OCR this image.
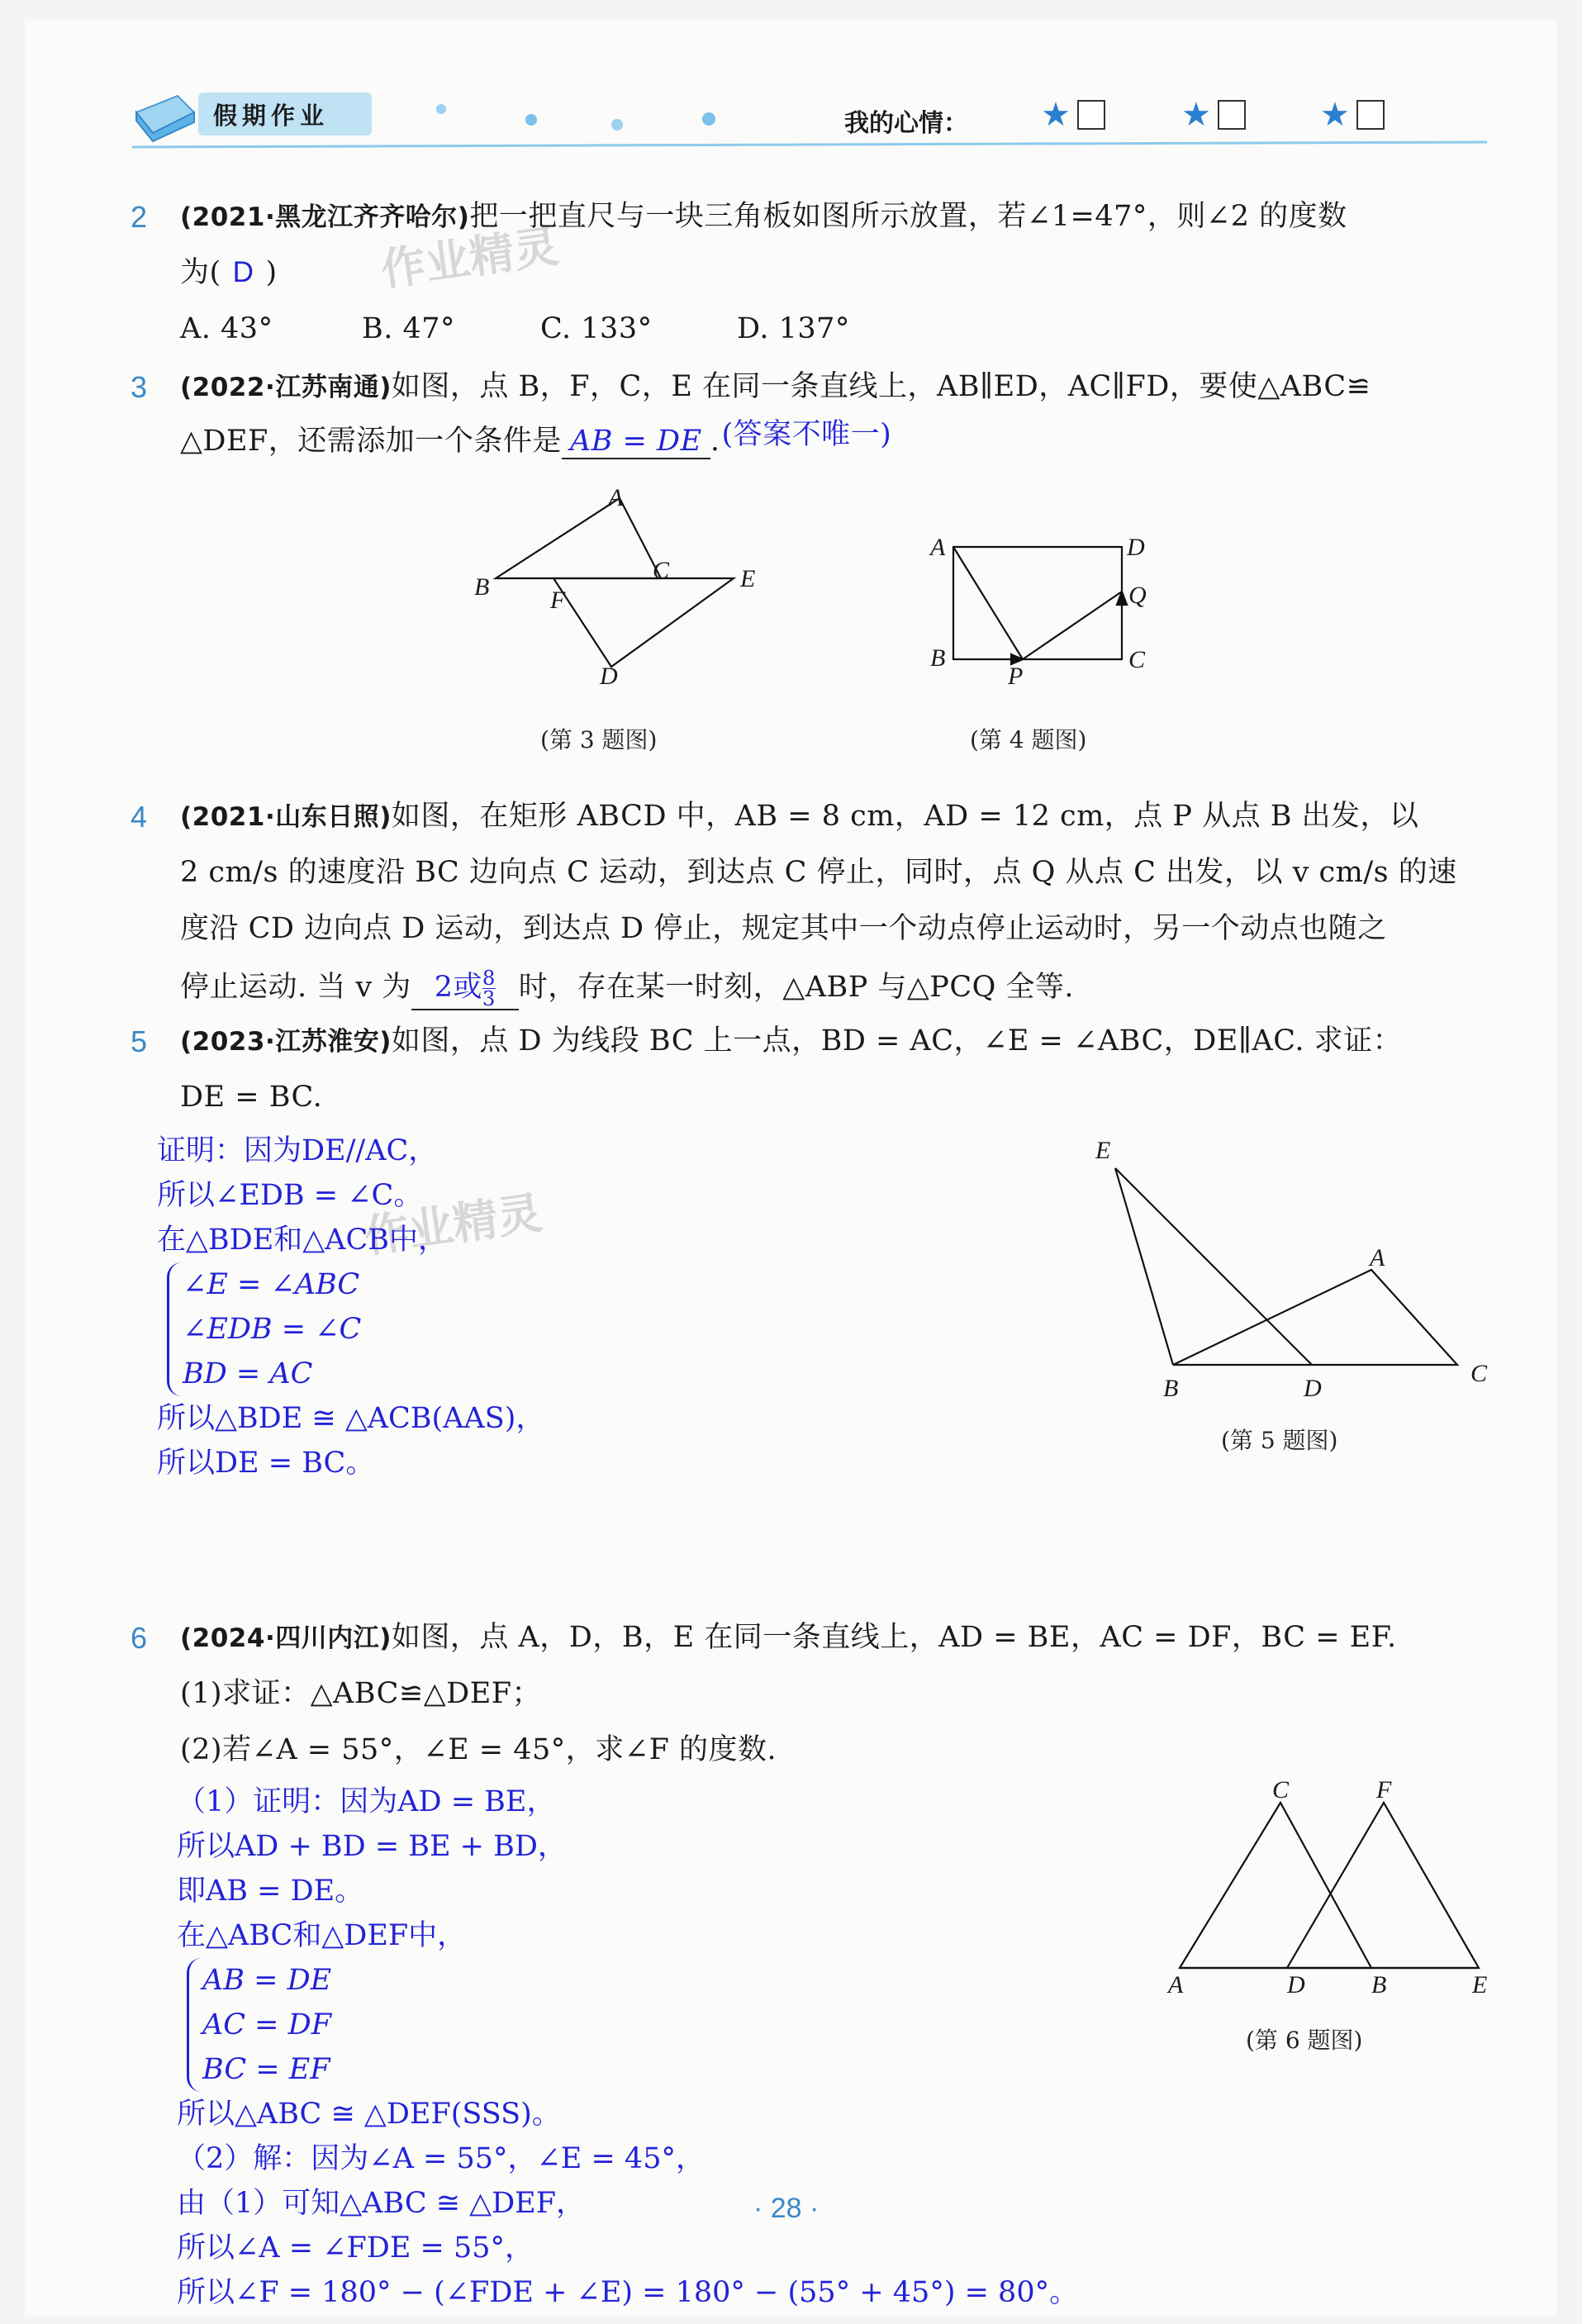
假期作业	我的心情： ★	★	★
作业精灵
作业精灵
2 (2021·黑龙江齐齐哈尔)把一把直尺与一块三角板如图所示放置，若∠1=47°，则∠2 的度数
为( D )
A. 43°	B. 47°	C. 133°	D. 137°
3 (2022·江苏南通)如图，点 B，F，C，E 在同一条直线上，AB∥ED，AC∥FD，要使△ABC≌
△DEF，还需添加一个条件是 AB = DE .(答案不唯一)
A
B
C
D
E
F
(第 3 题图)
A	D
Q
B
P
C
(第 4 题图)
4 (2021·山东日照)如图，在矩形 ABCD 中，AB = 8 cm，AD = 12 cm，点 P 从点 B 出发，以
2 cm/s 的速度沿 BC 边向点 C 运动，到达点 C 停止，同时，点 Q 从点 C 出发，以 v cm/s 的速
度沿 CD 边向点 D 运动，到达点 D 停止，规定其中一个动点停止运动时，另一个动点也随之
停止运动. 当 v 为 2或 $\frac{8}{3}$ 时，存在某一时刻，△ABP 与△PCQ 全等.
5 (2023·江苏淮安)如图，点 D 为线段 BC 上一点，BD = AC，∠E = ∠ABC，DE∥AC. 求证：
DE = BC.
证明：因为DE//AC，
所以∠EDB = ∠C。
在△BDE和△ACB中，
∠E = ∠ABC
∠EDB = ∠C
BD = AC
所以△BDE ≅ △ACB(AAS)，
所以DE = BC。
E
A
B	D
C
(第 5 题图)
6 (2024·四川内江)如图，点 A，D，B，E 在同一条直线上，AD = BE，AC = DF，BC = EF.
(1)求证：△ABC≌△DEF；
(2)若∠A = 55°，∠E = 45°，求∠F 的度数.
（1）证明：因为AD = BE，
所以AD + BD = BE + BD，
即AB = DE。
在△ABC和△DEF中，
AB = DE
AC = DF
BC = EF
所以△ABC ≅ △DEF(SSS)。
（2）解：因为∠A = 55°，∠E = 45°，
由（1）可知△ABC ≅ △DEF，
所以∠A = ∠FDE = 55°，
所以∠F = 180° − (∠FDE + ∠E) = 180° − (55° + 45°) = 80°。
C	F
A	D	B	E
(第 6 题图)
· 28 ·
